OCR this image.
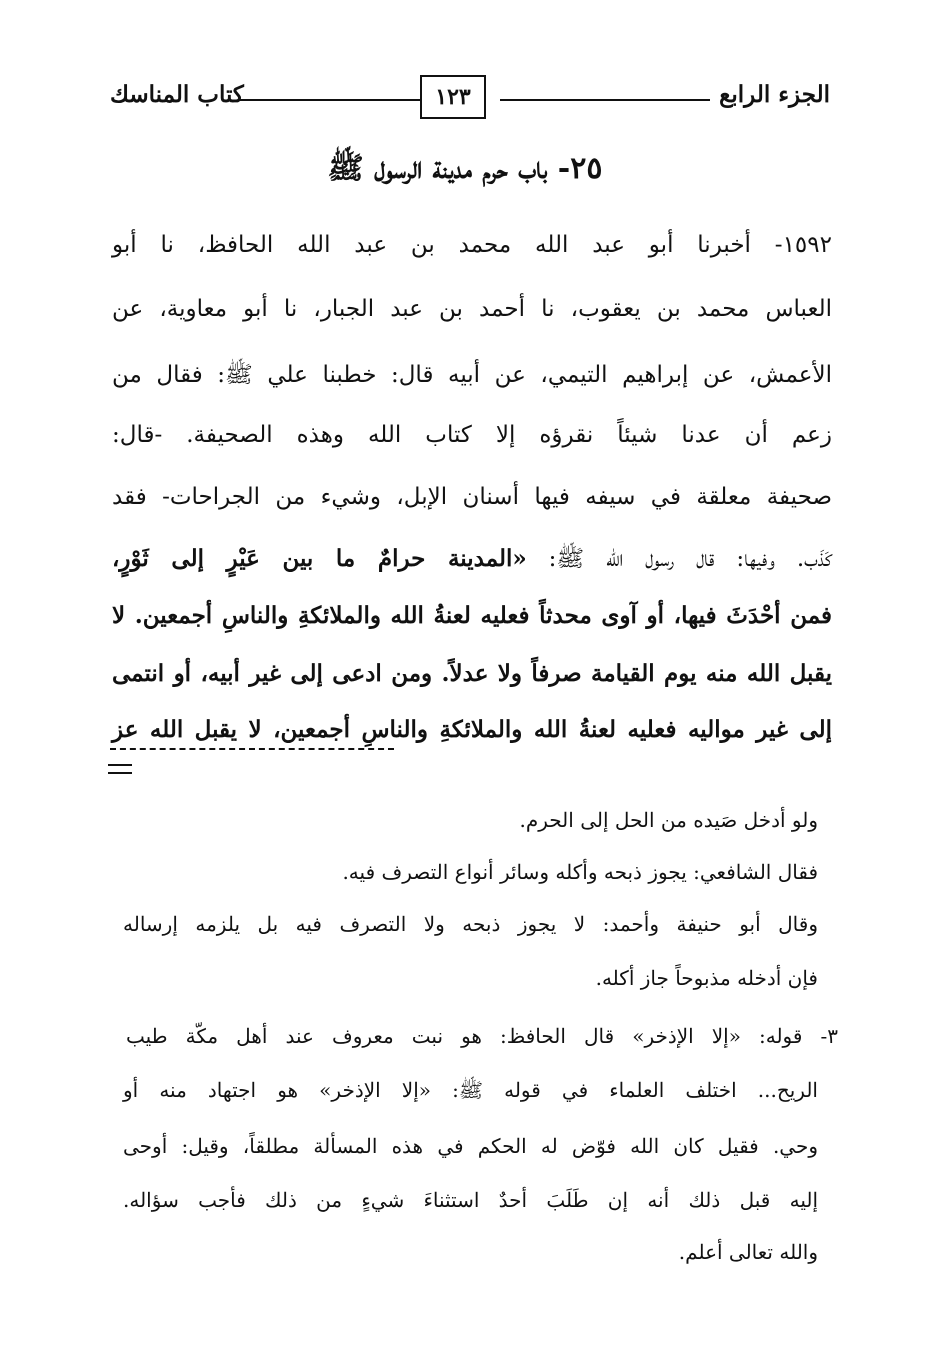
الجزء الرابع
١٢٣
كتاب المناسك
٢٥- باب حرم مدينة الرسول ﷺ
١٥٩٢- أخبرنا أبو عبد الله محمد بن عبد الله الحافظ، نا أبو
العباس محمد بن يعقوب، نا أحمد بن عبد الجبار، نا أبو معاوية، عن
الأعمش، عن إبراهيم التيمي، عن أبيه قال: خطبنا علي ﷺ: فقال من
زعم أن عدنا شيئاً نقرؤه إلا كتاب الله وهذه الصحيفة. -قال:
صحيفة معلقة في سيفه فيها أسنان الإبل، وشيء من الجراحات- فقد
كَذَب. وفيها: قال رسول الله ﷺ: «المدينة حرامٌ ما بين عَيْرٍ إلى ثَوْرٍ،
فمن أحْدَثَ فيها، أو آوى محدثاً فعليه لعنةُ الله والملائكةِ والناسِ أجمعين. لا
يقبل الله منه يوم القيامة صرفاً ولا عدلاً. ومن ادعى إلى غير أبيه، أو انتمى
إلى غير مواليه فعليه لعنةُ الله والملائكةِ والناسِ أجمعين، لا يقبل الله عز
ولو أدخل صَيده من الحل إلى الحرم.
فقال الشافعي: يجوز ذبحه وأكله وسائر أنواع التصرف فيه.
وقال أبو حنيفة وأحمد: لا يجوز ذبحه ولا التصرف فيه بل يلزمه إرساله
فإن أدخله مذبوحاً جاز أكله.
٣- قوله: «إلا الإذخر» قال الحافظ: هو نبت معروف عند أهل مكّة طيب
الريح... اختلف العلماء في قوله ﷺ: «إلا الإذخر» هو اجتهاد منه أو
وحي. فقيل كان الله فوّض له الحكم في هذه المسألة مطلقاً، وقيل: أوحى
إليه قبل ذلك أنه إن طَلَبَ أحدٌ استثناءَ شيءٍ من ذلك فأجب سؤاله.
والله تعالى أعلم.
